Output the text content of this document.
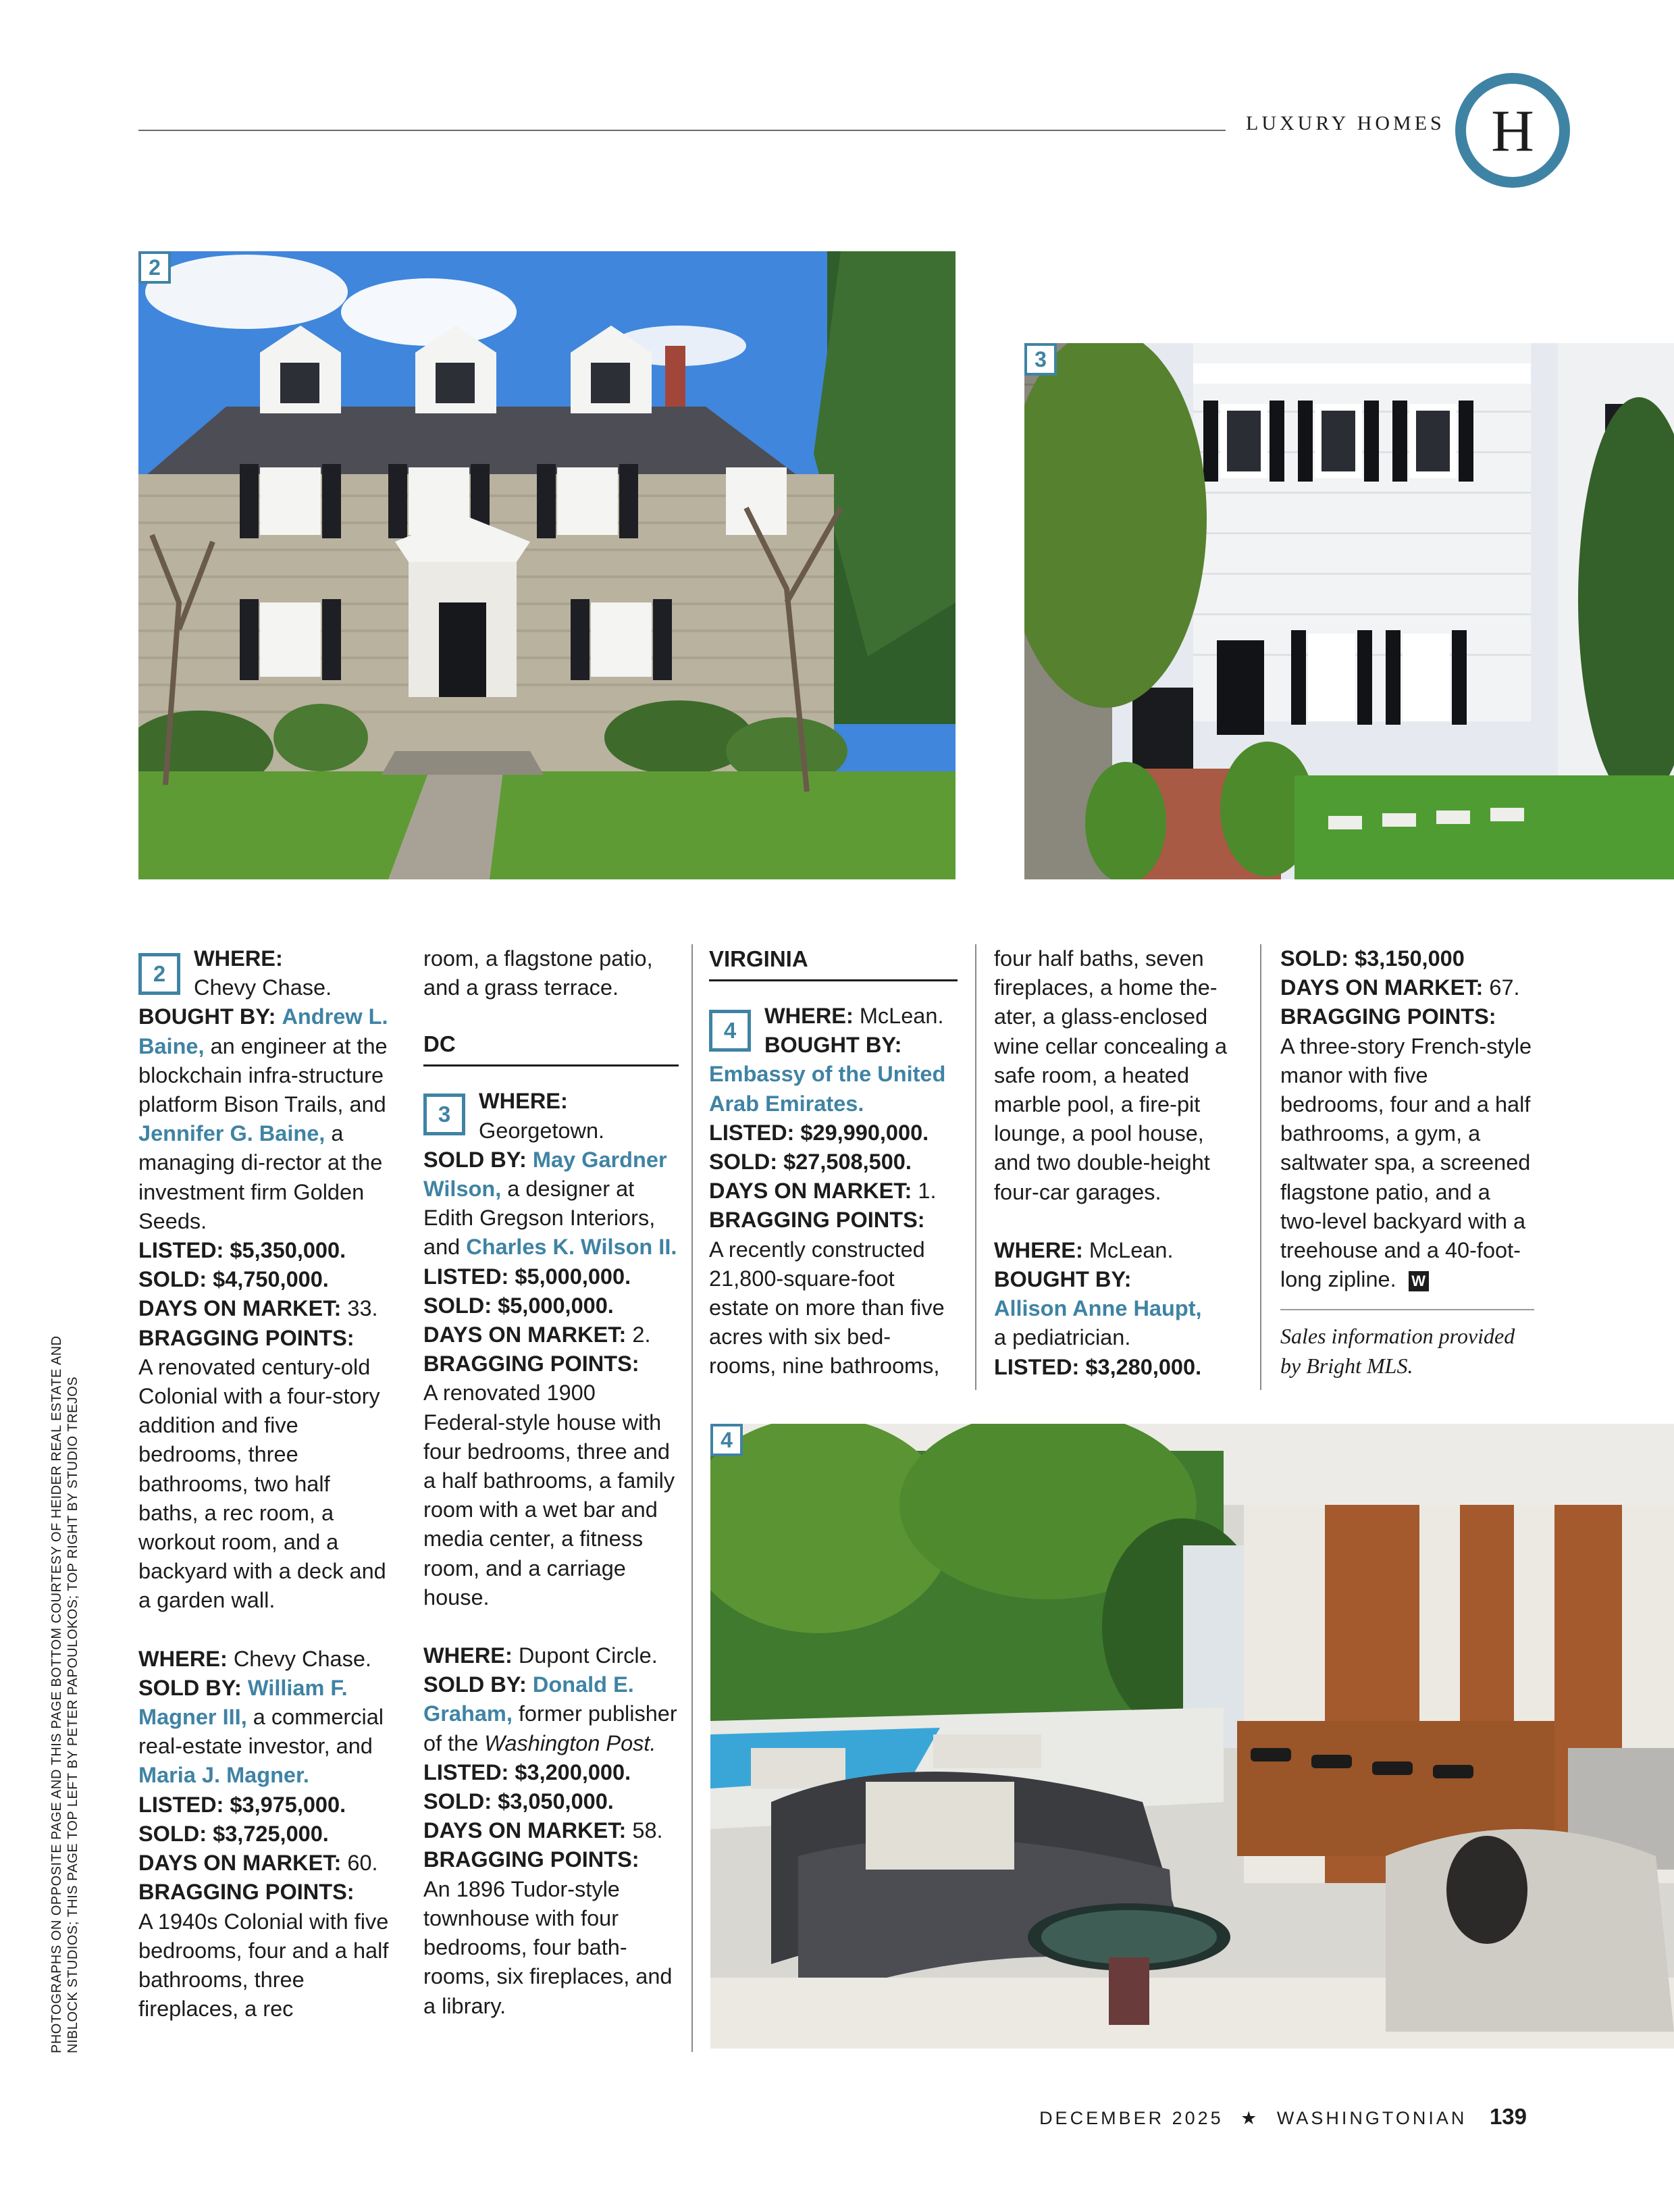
LUXURY HOMES H
2
3
4
2

WHERE:

Chevy Chase.

BOUGHT BY: Andrew L. Baine, an engineer at the blockchain infra-structure platform Bison Trails, and Jennifer G. Baine, a managing di-rector at the investment firm Golden Seeds.

LISTED: $5,350,000.

SOLD: $4,750,000.

DAYS ON MARKET: 33.

BRAGGING POINTS:

A renovated century-old Colonial with a four-story addition and five bedrooms, three bathrooms, two half baths, a rec room, a workout room, and a backyard with a deck and a garden wall.

WHERE: Chevy Chase.

SOLD BY: William F. Magner III, a commercial real-estate investor, and Maria J. Magner.

LISTED: $3,975,000.

SOLD: $3,725,000.

DAYS ON MARKET: 60.

BRAGGING POINTS:

A 1940s Colonial with five bedrooms, four and a half bathrooms, three fireplaces, a rec

room, a flagstone patio, and a grass terrace.

DC

3

WHERE:

Georgetown.

SOLD BY: May Gardner Wilson, a designer at Edith Gregson Interiors, and Charles K. Wilson II.

LISTED: $5,000,000.

SOLD: $5,000,000.

DAYS ON MARKET: 2.

BRAGGING POINTS:

A renovated 1900 Federal-style house with four bedrooms, three and a half bathrooms, a family room with a wet bar and media center, a fitness room, and a carriage house.

WHERE: Dupont Circle.

SOLD BY: Donald E. Graham, former publisher of the Washington Post.

LISTED: $3,200,000.

SOLD: $3,050,000.

DAYS ON MARKET: 58.

BRAGGING POINTS:

An 1896 Tudor-style townhouse with four bedrooms, four bath-rooms, six fireplaces, and a library.

VIRGINIA

4

WHERE: McLean.

BOUGHT BY:

Embassy of the United Arab Emirates.

LISTED: $29,990,000.

SOLD: $27,508,500.

DAYS ON MARKET: 1.

BRAGGING POINTS:

A recently constructed 21,800-square-foot estate on more than five acres with six bed-rooms, nine bathrooms,

four half baths, seven fireplaces, a home the-ater, a glass-enclosed wine cellar concealing a safe room, a heated marble pool, a fire-pit lounge, a pool house, and two double-height four-car garages.

WHERE: McLean.

BOUGHT BY:

Allison Anne Haupt,

a pediatrician.

LISTED: $3,280,000.

SOLD: $3,150,000

DAYS ON MARKET: 67.

BRAGGING POINTS:

A three-story French-style manor with five bedrooms, four and a half bathrooms, a gym, a saltwater spa, a screened flagstone patio, and a two-level backyard with a treehouse and a 40-foot-long zipline. W

Sales information provided by Bright MLS.

PHOTOGRAPHS ON OPPOSITE PAGE AND THIS PAGE BOTTOM COURTESY OF HEIDER REAL ESTATE AND NIBLOCK STUDIOS; THIS PAGE TOP LEFT BY PETER PAPOULOKOS; TOP RIGHT BY STUDIO TREJOS
DECEMBER 2025 ★ WASHINGTONIAN 139
